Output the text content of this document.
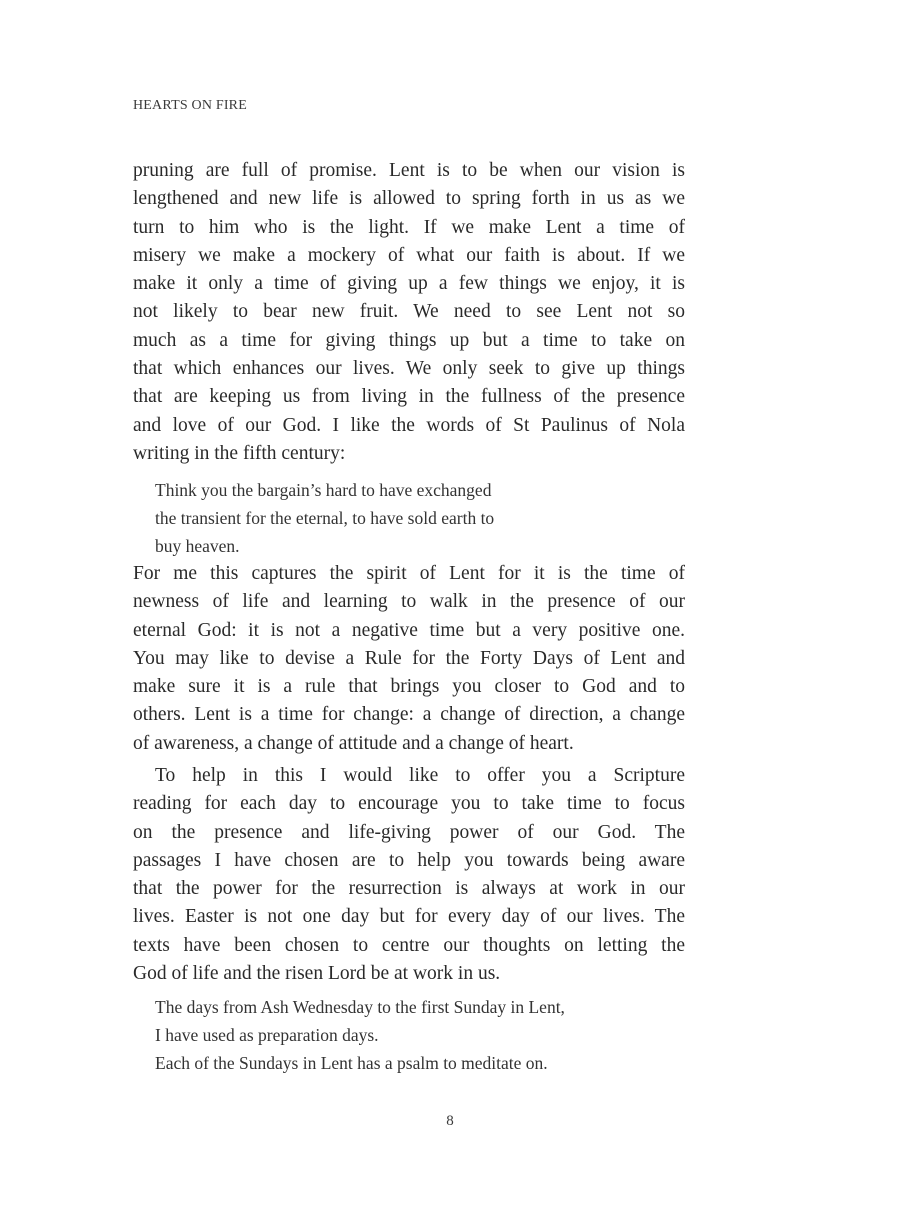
HEARTS ON FIRE
pruning are full of promise. Lent is to be when our vision is
lengthened and new life is allowed to spring forth in us as we
turn to him who is the light. If we make Lent a time of
misery we make a mockery of what our faith is about. If we
make it only a time of giving up a few things we enjoy, it is
not likely to bear new fruit. We need to see Lent not so
much as a time for giving things up but a time to take on
that which enhances our lives. We only seek to give up things
that are keeping us from living in the fullness of the presence
and love of our God. I like the words of St Paulinus of Nola
writing in the fifth century:
Think you the bargain’s hard to have exchanged
the transient for the eternal, to have sold earth to
buy heaven.
For me this captures the spirit of Lent for it is the time of
newness of life and learning to walk in the presence of our
eternal God: it is not a negative time but a very positive one.
You may like to devise a Rule for the Forty Days of Lent and
make sure it is a rule that brings you closer to God and to
others. Lent is a time for change: a change of direction, a change
of awareness, a change of attitude and a change of heart.
To help in this I would like to offer you a Scripture
reading for each day to encourage you to take time to focus
on the presence and life-giving power of our God. The
passages I have chosen are to help you towards being aware
that the power for the resurrection is always at work in our
lives. Easter is not one day but for every day of our lives. The
texts have been chosen to centre our thoughts on letting the
God of life and the risen Lord be at work in us.
The days from Ash Wednesday to the first Sunday in Lent,
I have used as preparation days.
Each of the Sundays in Lent has a psalm to meditate on.
8
